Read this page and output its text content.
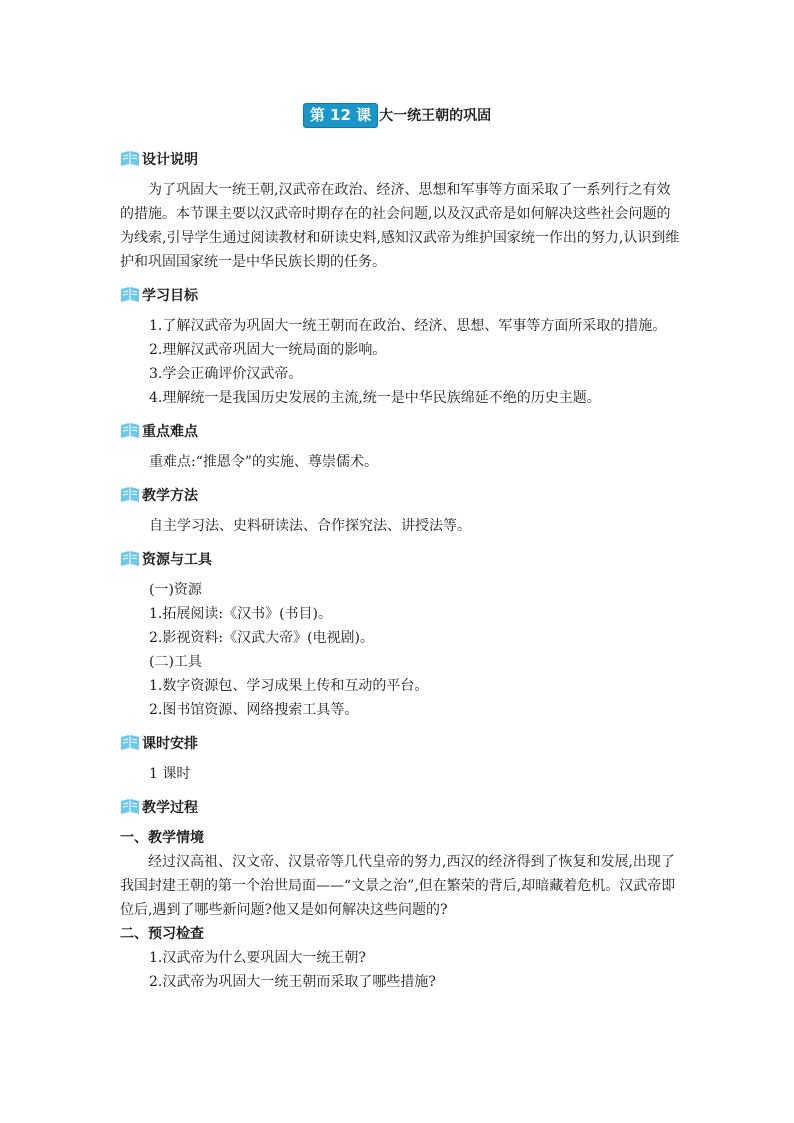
第 12 课 大一统王朝的巩固
设计说明

为了巩固大一统王朝,汉武帝在政治、经济、思想和军事等方面采取了一系列行之有效的措施。本节课主要以汉武帝时期存在的社会问题,以及汉武帝是如何解决这些社会问题的为线索,引导学生通过阅读教材和研读史料,感知汉武帝为维护国家统一作出的努力,认识到维护和巩固国家统一是中华民族长期的任务。

学习目标

1.了解汉武帝为巩固大一统王朝而在政治、经济、思想、军事等方面所采取的措施。

2.理解汉武帝巩固大一统局面的影响。

3.学会正确评价汉武帝。

4.理解统一是我国历史发展的主流,统一是中华民族绵延不绝的历史主题。

重点难点

重难点:“推恩令”的实施、尊崇儒术。

教学方法

自主学习法、史料研读法、合作探究法、讲授法等。

资源与工具

(一)资源

1.拓展阅读:《汉书》(书目)。

2.影视资料:《汉武大帝》(电视剧)。

(二)工具

1.数字资源包、学习成果上传和互动的平台。

2.图书馆资源、网络搜索工具等。

课时安排

1 课时

教学过程

一、教学情境

经过汉高祖、汉文帝、汉景帝等几代皇帝的努力,西汉的经济得到了恢复和发展,出现了我国封建王朝的第一个治世局面——“文景之治”,但在繁荣的背后,却暗藏着危机。汉武帝即位后,遇到了哪些新问题?他又是如何解决这些问题的?

二、预习检查

1.汉武帝为什么要巩固大一统王朝?

2.汉武帝为巩固大一统王朝而采取了哪些措施?
